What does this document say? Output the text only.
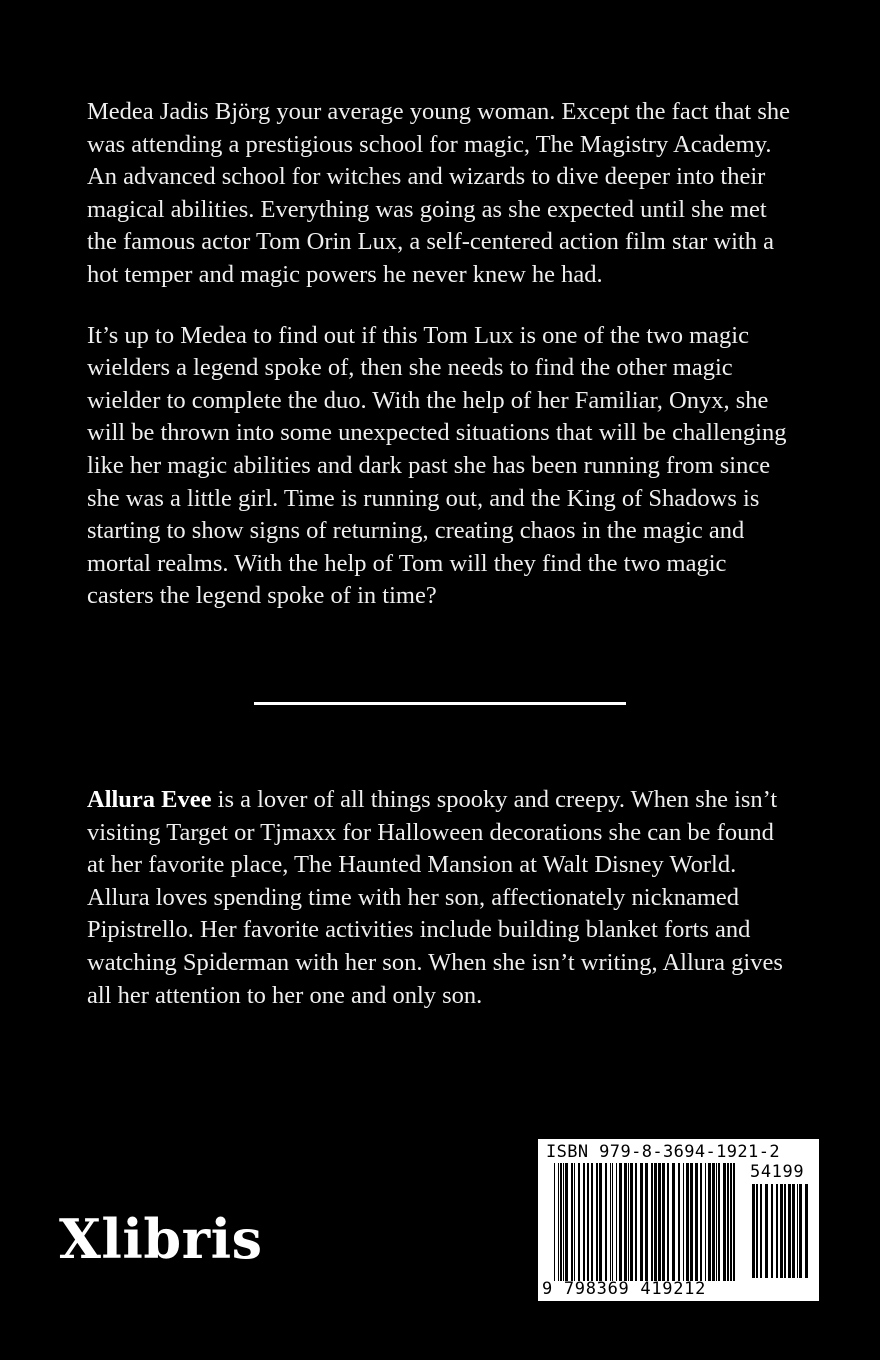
Medea Jadis Björg your average young woman. Except the fact that she was attending a prestigious school for magic, The Magistry Academy. An advanced school for witches and wizards to dive deeper into their magical abilities. Everything was going as she expected until she met the famous actor Tom Orin Lux, a self-centered action film star with a hot temper and magic powers he never knew he had.

It’s up to Medea to find out if this Tom Lux is one of the two magic wielders a legend spoke of, then she needs to find the other magic wielder to complete the duo. With the help of her Familiar, Onyx, she will be thrown into some unexpected situations that will be challenging like her magic abilities and dark past she has been running from since she was a little girl. Time is running out, and the King of Shadows is starting to show signs of returning, creating chaos in the magic and mortal realms. With the help of Tom will they find the two magic casters the legend spoke of in time?

Allura Evee is a lover of all things spooky and creepy. When she isn’t visiting Target or Tjmaxx for Halloween decorations she can be found at her favorite place, The Haunted Mansion at Walt Disney World. Allura loves spending time with her son, affectionately nicknamed Pipistrello. Her favorite activities include building blanket forts and watching Spiderman with her son. When she isn’t writing, Allura gives all her attention to her one and only son.

Xlibris
ISBN 979-8-3694-1921-2
54199
9 798369 419212
